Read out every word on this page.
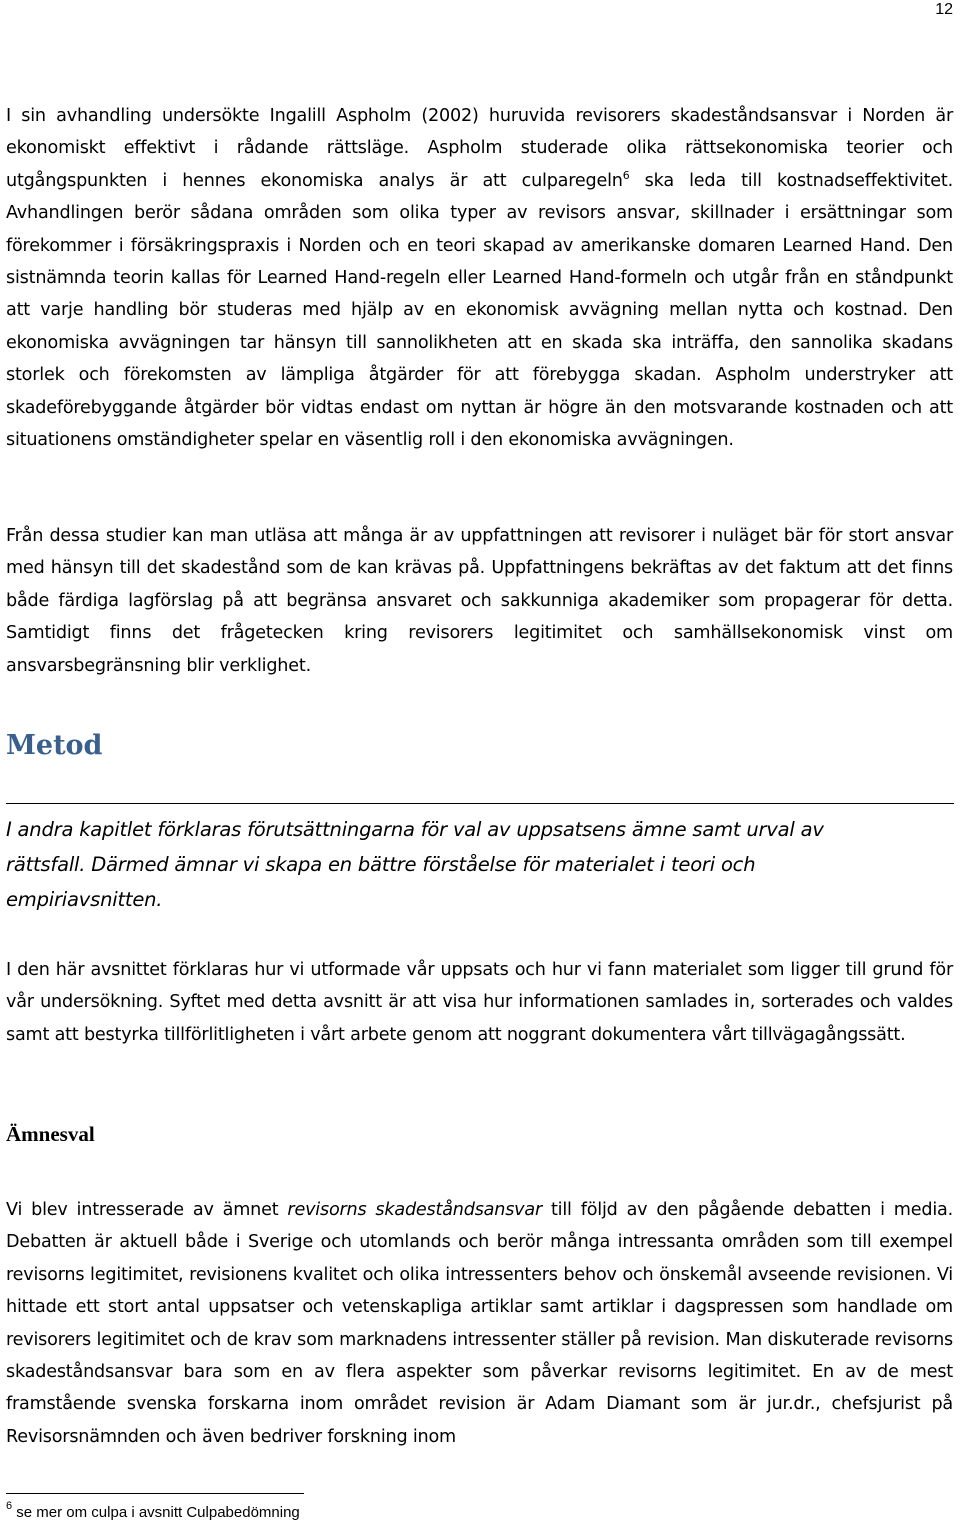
12

I sin avhandling undersökte Ingalill Aspholm (2002) huruvida revisorers skadeståndsansvar i Norden är ekonomiskt effektivt i rådande rättsläge. Aspholm studerade olika rättsekonomiska teorier och utgångspunkten i hennes ekonomiska analys är att culparegeln$^6$ ska leda till kostnadseffektivitet. Avhandlingen berör sådana områden som olika typer av revisors ansvar, skillnader i ersättningar som förekommer i försäkringspraxis i Norden och en teori skapad av amerikanske domaren Learned Hand. Den sistnämnda teorin kallas för Learned Hand-regeln eller Learned Hand-formeln och utgår från en ståndpunkt att varje handling bör studeras med hjälp av en ekonomisk avvägning mellan nytta och kostnad. Den ekonomiska avvägningen tar hänsyn till sannolikheten att en skada ska inträffa, den sannolika skadans storlek och förekomsten av lämpliga åtgärder för att förebygga skadan. Aspholm understryker att skadeförebyggande åtgärder bör vidtas endast om nyttan är högre än den motsvarande kostnaden och att situationens omständigheter spelar en väsentlig roll i den ekonomiska avvägningen.

Från dessa studier kan man utläsa att många är av uppfattningen att revisorer i nuläget bär för stort ansvar med hänsyn till det skadestånd som de kan krävas på. Uppfattningens bekräftas av det faktum att det finns både färdiga lagförslag på att begränsa ansvaret och sakkunniga akademiker som propagerar för detta. Samtidigt finns det frågetecken kring revisorers legitimitet och samhällsekonomisk vinst om ansvarsbegränsning blir verklighet.

Metod

I andra kapitlet förklaras förutsättningarna för val av uppsatsens ämne samt urval av rättsfall. Därmed ämnar vi skapa en bättre förståelse för materialet i teori och empiriavsnitten.

I den här avsnittet förklaras hur vi utformade vår uppsats och hur vi fann materialet som ligger till grund för vår undersökning. Syftet med detta avsnitt är att visa hur informationen samlades in, sorterades och valdes samt att bestyrka tillförlitligheten i vårt arbete genom att noggrant dokumentera vårt tillvägagångssätt.

Ämnesval

Vi blev intresserade av ämnet revisorns skadeståndsansvar till följd av den pågående debatten i media. Debatten är aktuell både i Sverige och utomlands och berör många intressanta områden som till exempel revisorns legitimitet, revisionens kvalitet och olika intressenters behov och önskemål avseende revisionen. Vi hittade ett stort antal uppsatser och vetenskapliga artiklar samt artiklar i dagspressen som handlade om revisorers legitimitet och de krav som marknadens intressenter ställer på revision. Man diskuterade revisorns skadeståndsansvar bara som en av flera aspekter som påverkar revisorns legitimitet. En av de mest framstående svenska forskarna inom området revision är Adam Diamant som är jur.dr., chefsjurist på Revisorsnämnden och även bedriver forskning inom

$^6$ se mer om culpa i avsnitt Culpabedömning
